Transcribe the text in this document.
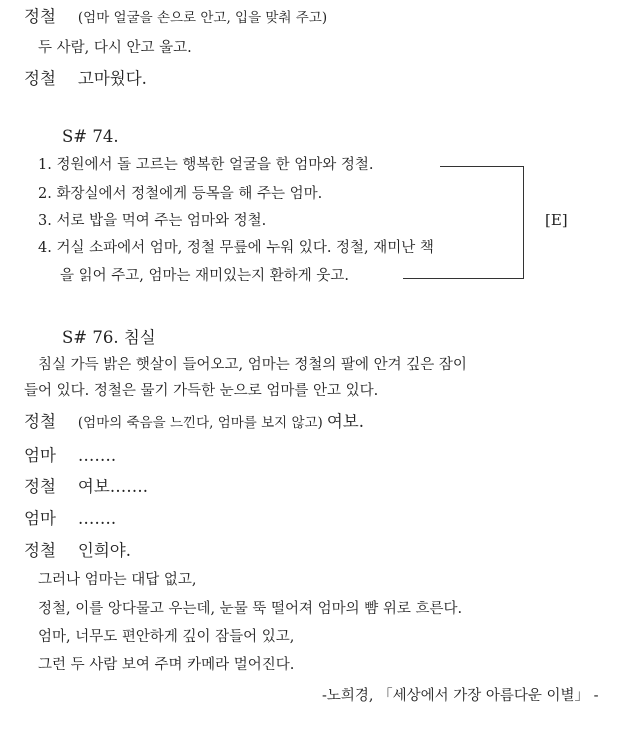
정철 (엄마 얼굴을 손으로 안고, 입을 맞춰 주고)
두 사람, 다시 안고 울고.
정철 고마웠다.
S# 74.
1. 정원에서 돌 고르는 행복한 얼굴을 한 엄마와 정철.
2. 화장실에서 정철에게 등목을 해 주는 엄마.
3. 서로 밥을 먹여 주는 엄마와 정철.
4. 거실 소파에서 엄마, 정철 무릎에 누워 있다. 정철, 재미난 책
을 읽어 주고, 엄마는 재미있는지 환하게 웃고.
[E]
S# 76. 침실
침실 가득 밝은 햇살이 들어오고, 엄마는 정철의 팔에 안겨 깊은 잠이
들어 있다. 정철은 물기 가득한 눈으로 엄마를 안고 있다.
정철 (엄마의 죽음을 느낀다, 엄마를 보지 않고) 여보.
엄마 …….
정철 여보…….
엄마 …….
정철 인희야.
그러나 엄마는 대답 없고,
정철, 이를 앙다물고 우는데, 눈물 뚝 떨어져 엄마의 뺨 위로 흐른다.
엄마, 너무도 편안하게 깊이 잠들어 있고,
그런 두 사람 보여 주며 카메라 멀어진다.
-노희경, 「세상에서 가장 아름다운 이별」 -
